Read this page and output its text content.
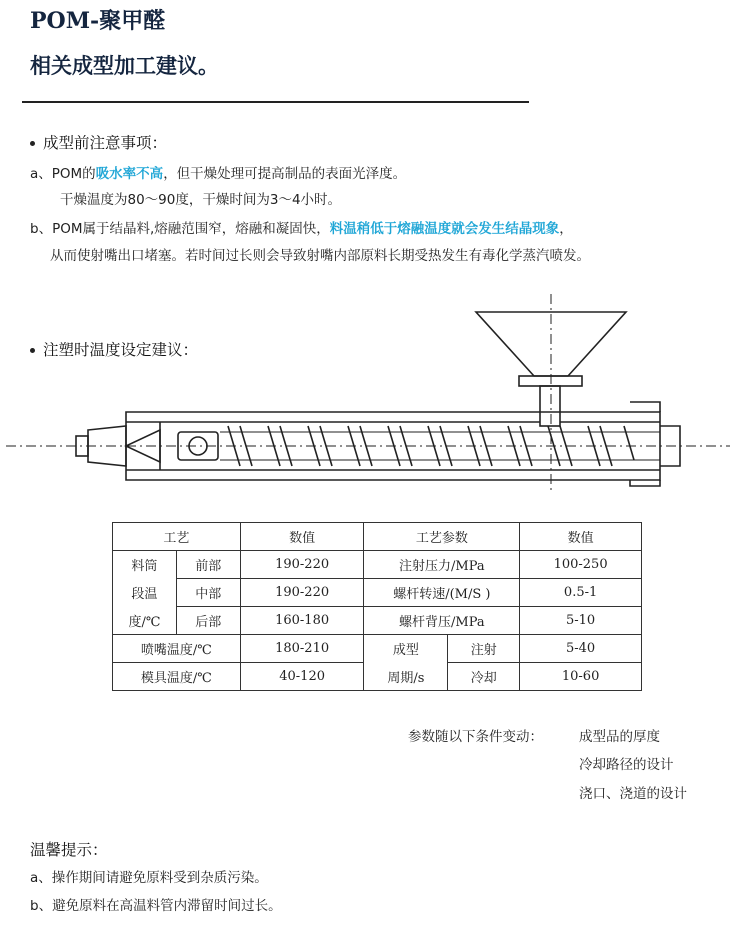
POM-聚甲醛
相关成型加工建议。
成型前注意事项：
a、POM的吸水率不高，但干燥处理可提高制品的表面光泽度。
干燥温度为80～90度，干燥时间为3～4小时。
b、POM属于结晶料,熔融范围窄，熔融和凝固快，料温稍低于熔融温度就会发生结晶现象，
从而使射嘴出口堵塞。若时间过长则会导致射嘴内部原料长期受热发生有毒化学蒸汽喷发。
注塑时温度设定建议：
工艺		数值	工艺参数		数值
料筒	前部	190-220	注射压力/MPa		100-250
段温	中部	190-220	螺杆转速/(M/S )		0.5-1
度/℃	后部	160-180	螺杆背压/MPa		5-10
喷嘴温度/℃		180-210	成型	注射	5-40
模具温度/℃		40-120	周期/s	冷却	10-60
参数随以下条件变动：	成型品的厚度
冷却路径的设计
浇口、浇道的设计
温馨提示：
a、操作期间请避免原料受到杂质污染。
b、避免原料在高温料管内滞留时间过长。
